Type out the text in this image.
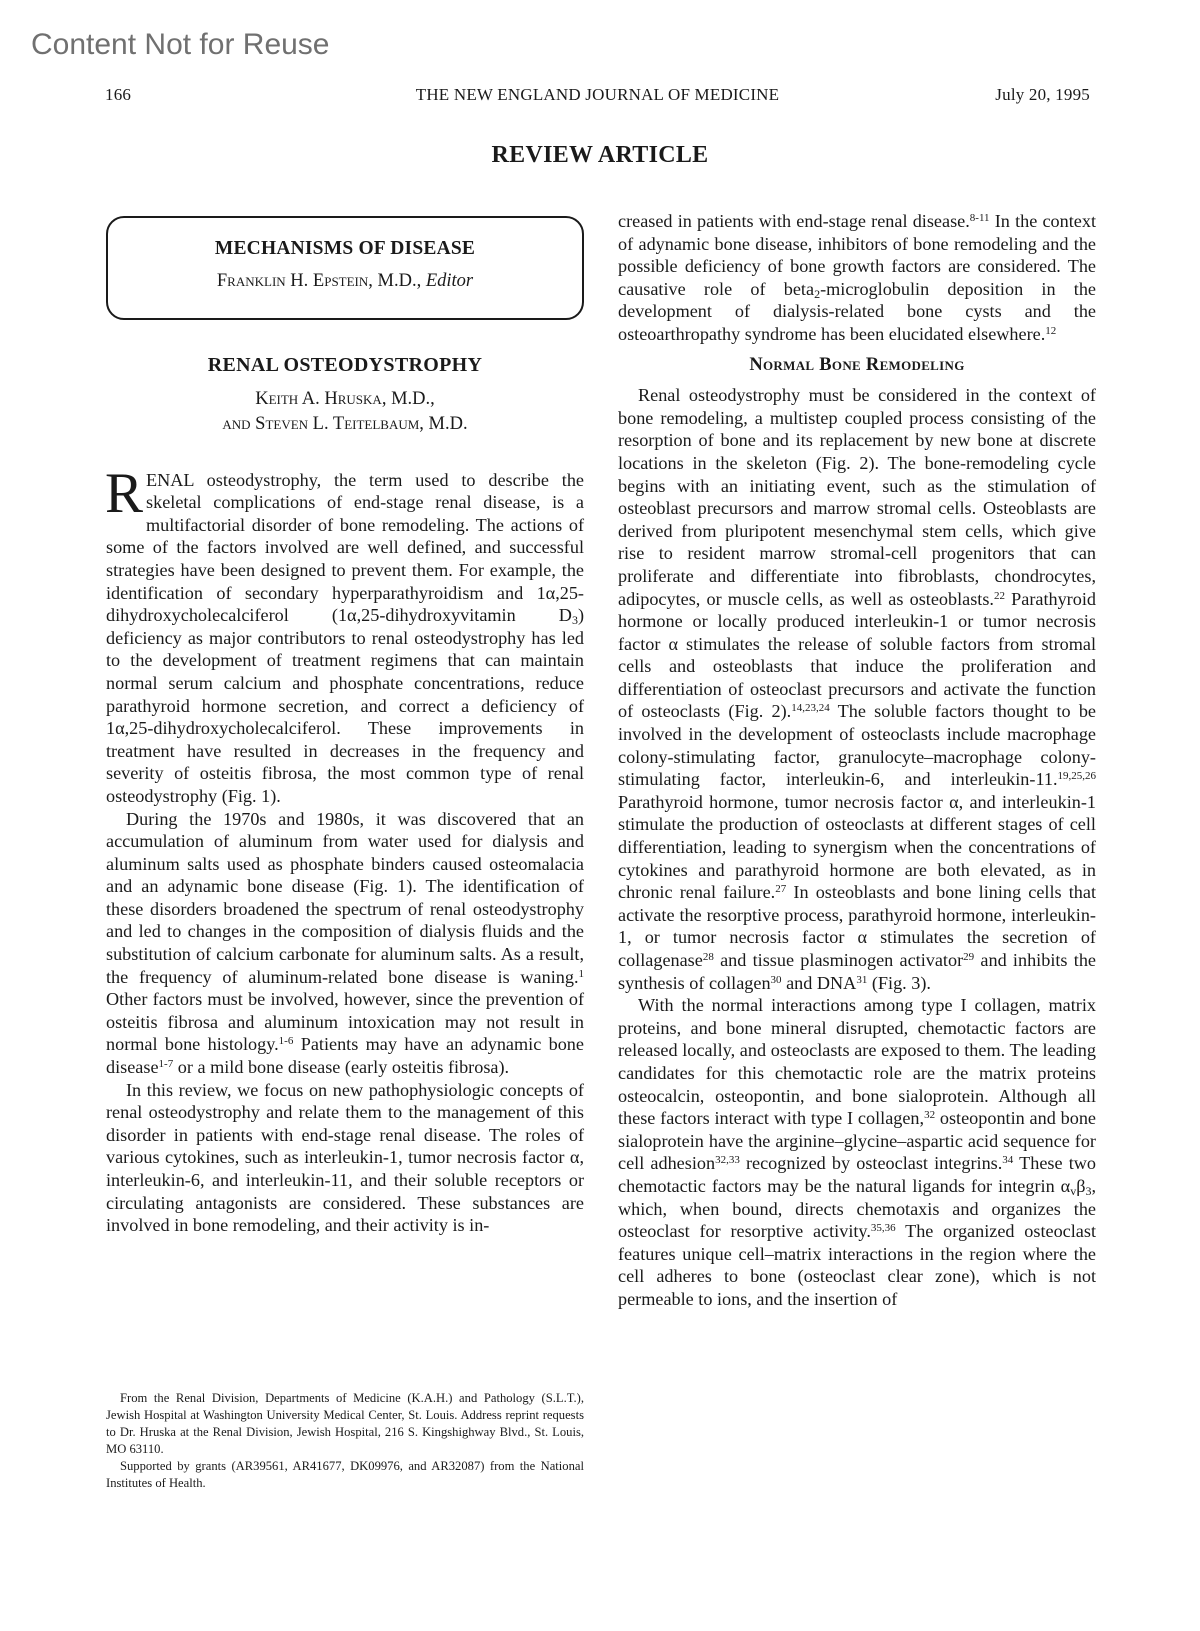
Content Not for Reuse
166	THE NEW ENGLAND JOURNAL OF MEDICINE	July 20, 1995
REVIEW ARTICLE
MECHANISMS OF DISEASE
Franklin H. Epstein, M.D., Editor
RENAL OSTEODYSTROPHY
Keith A. Hruska, M.D.,
and Steven L. Teitelbaum, M.D.

RENAL osteodystrophy, the term used to describe the skeletal complications of end-stage renal disease, is a multifactorial disorder of bone remodeling. The actions of some of the factors involved are well defined, and successful strategies have been designed to prevent them. For example, the identification of secondary hyperparathyroidism and 1α,25-dihydroxycholecalciferol (1α,25-dihydroxyvitamin $D_3$) deficiency as major contributors to renal osteodystrophy has led to the development of treatment regimens that can maintain normal serum calcium and phosphate concentrations, reduce parathyroid hormone secretion, and correct a deficiency of 1α,25-dihydroxycholecalciferol. These improvements in treatment have resulted in decreases in the frequency and severity of osteitis fibrosa, the most common type of renal osteodystrophy (Fig. 1).

During the 1970s and 1980s, it was discovered that an accumulation of aluminum from water used for dialysis and aluminum salts used as phosphate binders caused osteomalacia and an adynamic bone disease (Fig. 1). The identification of these disorders broadened the spectrum of renal osteodystrophy and led to changes in the composition of dialysis fluids and the substitution of calcium carbonate for aluminum salts. As a result, the frequency of aluminum-related bone disease is waning.$^1$ Other factors must be involved, however, since the prevention of osteitis fibrosa and aluminum intoxication may not result in normal bone histology.$^{1-6}$ Patients may have an adynamic bone disease$^{1-7}$ or a mild bone disease (early osteitis fibrosa).

In this review, we focus on new pathophysiologic concepts of renal osteodystrophy and relate them to the management of this disorder in patients with end-stage renal disease. The roles of various cytokines, such as interleukin-1, tumor necrosis factor α, interleukin-6, and interleukin-11, and their soluble receptors or circulating antagonists are considered. These substances are involved in bone remodeling, and their activity is in-

From the Renal Division, Departments of Medicine (K.A.H.) and Pathology (S.L.T.), Jewish Hospital at Washington University Medical Center, St. Louis. Address reprint requests to Dr. Hruska at the Renal Division, Jewish Hospital, 216 S. Kingshighway Blvd., St. Louis, MO 63110.

Supported by grants (AR39561, AR41677, DK09976, and AR32087) from the National Institutes of Health.

creased in patients with end-stage renal disease.$^{8-11}$ In the context of adynamic bone disease, inhibitors of bone remodeling and the possible deficiency of bone growth factors are considered. The causative role of beta$_2$-microglobulin deposition in the development of dialysis-related bone cysts and the osteoarthropathy syndrome has been elucidated elsewhere.$^{12}$

Normal Bone Remodeling

Renal osteodystrophy must be considered in the context of bone remodeling, a multistep coupled process consisting of the resorption of bone and its replacement by new bone at discrete locations in the skeleton (Fig. 2). The bone-remodeling cycle begins with an initiating event, such as the stimulation of osteoblast precursors and marrow stromal cells. Osteoblasts are derived from pluripotent mesenchymal stem cells, which give rise to resident marrow stromal-cell progenitors that can proliferate and differentiate into fibroblasts, chondrocytes, adipocytes, or muscle cells, as well as osteoblasts.$^{22}$ Parathyroid hormone or locally produced interleukin-1 or tumor necrosis factor α stimulates the release of soluble factors from stromal cells and osteoblasts that induce the proliferation and differentiation of osteoclast precursors and activate the function of osteoclasts (Fig. 2).$^{14,23,24}$ The soluble factors thought to be involved in the development of osteoclasts include macrophage colony-stimulating factor, granulocyte–macrophage colony-stimulating factor, interleukin-6, and interleukin-11.$^{19,25,26}$ Parathyroid hormone, tumor necrosis factor α, and interleukin-1 stimulate the production of osteoclasts at different stages of cell differentiation, leading to synergism when the concentrations of cytokines and parathyroid hormone are both elevated, as in chronic renal failure.$^{27}$ In osteoblasts and bone lining cells that activate the resorptive process, parathyroid hormone, interleukin-1, or tumor necrosis factor α stimulates the secretion of collagenase$^{28}$ and tissue plasminogen activator$^{29}$ and inhibits the synthesis of collagen$^{30}$ and DNA$^{31}$ (Fig. 3).

With the normal interactions among type I collagen, matrix proteins, and bone mineral disrupted, chemotactic factors are released locally, and osteoclasts are exposed to them. The leading candidates for this chemotactic role are the matrix proteins osteocalcin, osteopontin, and bone sialoprotein. Although all these factors interact with type I collagen,$^{32}$ osteopontin and bone sialoprotein have the arginine–glycine–aspartic acid sequence for cell adhesion$^{32,33}$ recognized by osteoclast integrins.$^{34}$ These two chemotactic factors may be the natural ligands for integrin $\alpha_v\beta_3$, which, when bound, directs chemotaxis and organizes the osteoclast for resorptive activity.$^{35,36}$ The organized osteoclast features unique cell–matrix interactions in the region where the cell adheres to bone (osteoclast clear zone), which is not permeable to ions, and the insertion of
